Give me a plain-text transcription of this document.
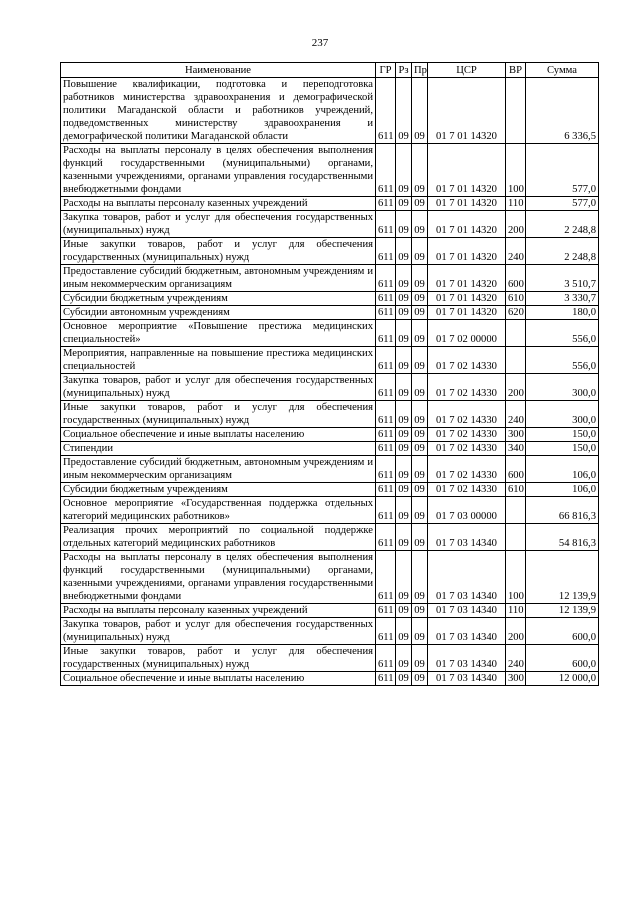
237
Наименование	ГР	Рз	Пр	ЦСР	ВР	Сумма
Повышение квалификации, подготовка и переподготовка работников министерства здравоохранения и демографической политики Магаданской области и работников учреждений, подведомственных министерству здравоохранения и демографической политики Магаданской области	611	09	09	01 7 01 14320		6 336,5
Расходы на выплаты персоналу в целях обеспечения выполнения функций государственными (муниципальными) органами, казенными учреждениями, органами управления государственными внебюджетными фондами	611	09	09	01 7 01 14320	100	577,0
Расходы на выплаты персоналу казенных учреждений	611	09	09	01 7 01 14320	110	577,0
Закупка товаров, работ и услуг для обеспечения государственных (муниципальных) нужд	611	09	09	01 7 01 14320	200	2 248,8
Иные закупки товаров, работ и услуг для обеспечения государственных (муниципальных) нужд	611	09	09	01 7 01 14320	240	2 248,8
Предоставление субсидий бюджетным, автономным учреждениям и иным некоммерческим организациям	611	09	09	01 7 01 14320	600	3 510,7
Субсидии бюджетным учреждениям	611	09	09	01 7 01 14320	610	3 330,7
Субсидии автономным учреждениям	611	09	09	01 7 01 14320	620	180,0
Основное мероприятие «Повышение престижа медицинских специальностей»	611	09	09	01 7 02 00000		556,0
Мероприятия, направленные на повышение престижа медицинских специальностей	611	09	09	01 7 02 14330		556,0
Закупка товаров, работ и услуг для обеспечения государственных (муниципальных) нужд	611	09	09	01 7 02 14330	200	300,0
Иные закупки товаров, работ и услуг для обеспечения государственных (муниципальных) нужд	611	09	09	01 7 02 14330	240	300,0
Социальное обеспечение и иные выплаты населению	611	09	09	01 7 02 14330	300	150,0
Стипендии	611	09	09	01 7 02 14330	340	150,0
Предоставление субсидий бюджетным, автономным учреждениям и иным некоммерческим организациям	611	09	09	01 7 02 14330	600	106,0
Субсидии бюджетным учреждениям	611	09	09	01 7 02 14330	610	106,0
Основное мероприятие «Государственная поддержка отдельных категорий медицинских работников»	611	09	09	01 7 03 00000		66 816,3
Реализация прочих мероприятий по социальной поддержке отдельных категорий медицинских работников	611	09	09	01 7 03 14340		54 816,3
Расходы на выплаты персоналу в целях обеспечения выполнения функций государственными (муниципальными) органами, казенными учреждениями, органами управления государственными внебюджетными фондами	611	09	09	01 7 03 14340	100	12 139,9
Расходы на выплаты персоналу казенных учреждений	611	09	09	01 7 03 14340	110	12 139,9
Закупка товаров, работ и услуг для обеспечения государственных (муниципальных) нужд	611	09	09	01 7 03 14340	200	600,0
Иные закупки товаров, работ и услуг для обеспечения государственных (муниципальных) нужд	611	09	09	01 7 03 14340	240	600,0
Социальное обеспечение и иные выплаты населению	611	09	09	01 7 03 14340	300	12 000,0
